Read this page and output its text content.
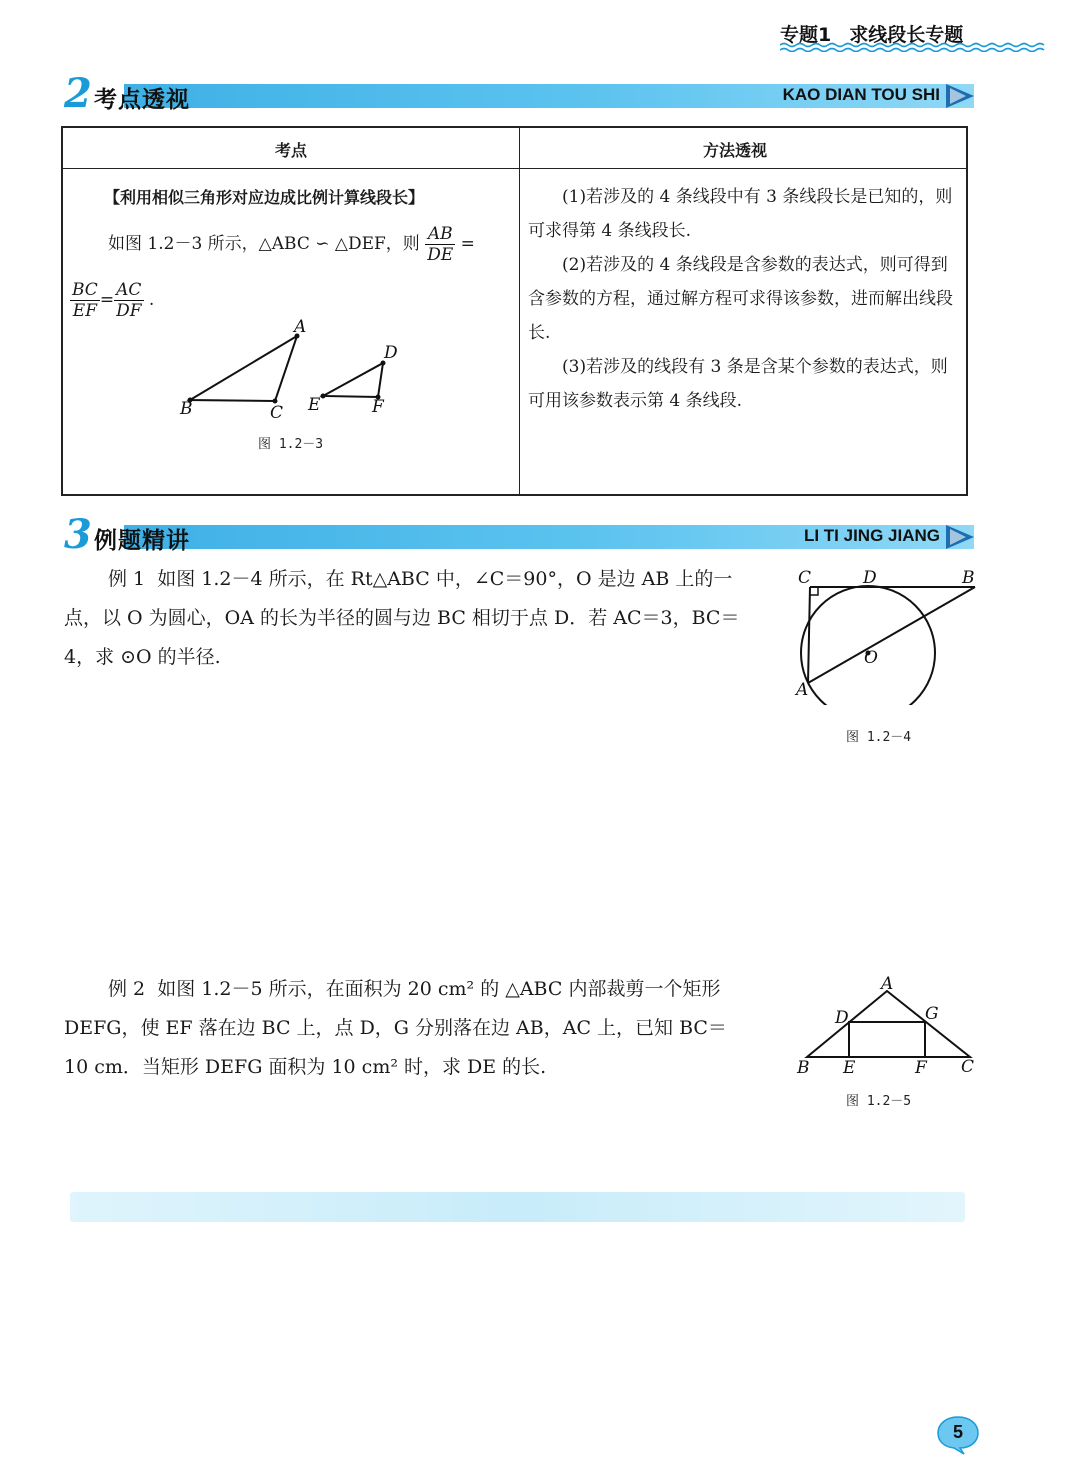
专题1 求线段长专题
2 考点透视	KAO DIAN TOU SHI
考点	方法透视
【利用相似三角形对应边成比例计算线段长】
如图 1.2－3 所示，△ABC ∽ △DEF，则 $\frac{AB}{DE}$ =
$\frac{BC}{EF} = \frac{AC}{DF}$ .
A
B	C
D
E	F
图 1.2－3
(1)若涉及的 4 条线段中有 3 条线段长是已知的，则可求得第 4 条线段长.
(2)若涉及的 4 条线段是含参数的表达式，则可得到含参数的方程，通过解方程可求得该参数，进而解出线段长.
(3)若涉及的线段有 3 条是含某个参数的表达式，则可用该参数表示第 4 条线段.
3 例题精讲	LI TI JING JIANG
例 1 如图 1.2－4 所示，在 Rt△ABC 中，∠C＝90°，O 是边 AB 上的一
点，以 O 为圆心，OA 的长为半径的圆与边 BC 相切于点 D．若 AC＝3，BC＝
4，求 ⊙O 的半径.
C	D	B
O
A
图 1.2－4
例 2 如图 1.2－5 所示，在面积为 20 cm² 的 △ABC 内部裁剪一个矩形
DEFG，使 EF 落在边 BC 上，点 D，G 分别落在边 AB，AC 上，已知 BC＝
10 cm．当矩形 DEFG 面积为 10 cm² 时，求 DE 的长.
A
D	G
B E	F C
图 1.2－5
5
